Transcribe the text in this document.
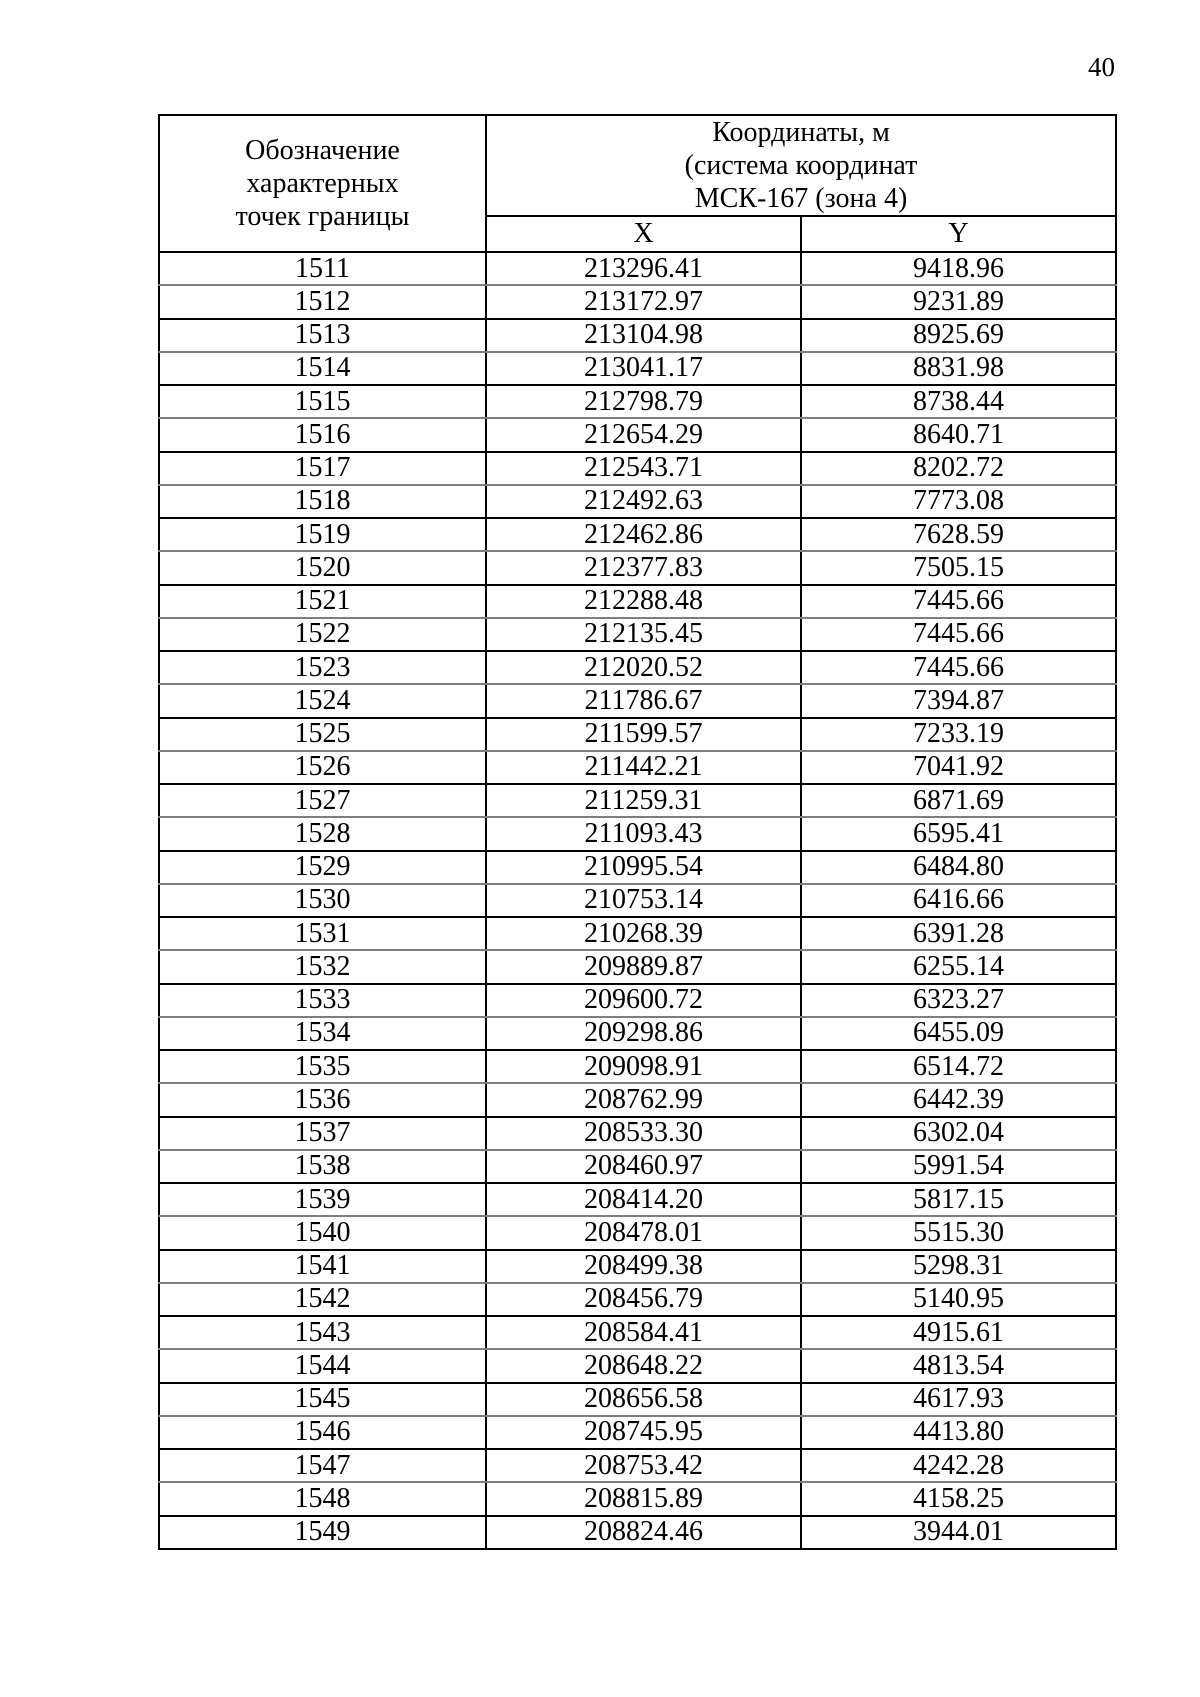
40
Обозначение
характерных
точек границы

Координаты, м
(система координат
МСК-167 (зона 4)

	X	Y
1511	213296.41	9418.96
1512	213172.97	9231.89
1513	213104.98	8925.69
1514	213041.17	8831.98
1515	212798.79	8738.44
1516	212654.29	8640.71
1517	212543.71	8202.72
1518	212492.63	7773.08
1519	212462.86	7628.59
1520	212377.83	7505.15
1521	212288.48	7445.66
1522	212135.45	7445.66
1523	212020.52	7445.66
1524	211786.67	7394.87
1525	211599.57	7233.19
1526	211442.21	7041.92
1527	211259.31	6871.69
1528	211093.43	6595.41
1529	210995.54	6484.80
1530	210753.14	6416.66
1531	210268.39	6391.28
1532	209889.87	6255.14
1533	209600.72	6323.27
1534	209298.86	6455.09
1535	209098.91	6514.72
1536	208762.99	6442.39
1537	208533.30	6302.04
1538	208460.97	5991.54
1539	208414.20	5817.15
1540	208478.01	5515.30
1541	208499.38	5298.31
1542	208456.79	5140.95
1543	208584.41	4915.61
1544	208648.22	4813.54
1545	208656.58	4617.93
1546	208745.95	4413.80
1547	208753.42	4242.28
1548	208815.89	4158.25
1549	208824.46	3944.01
